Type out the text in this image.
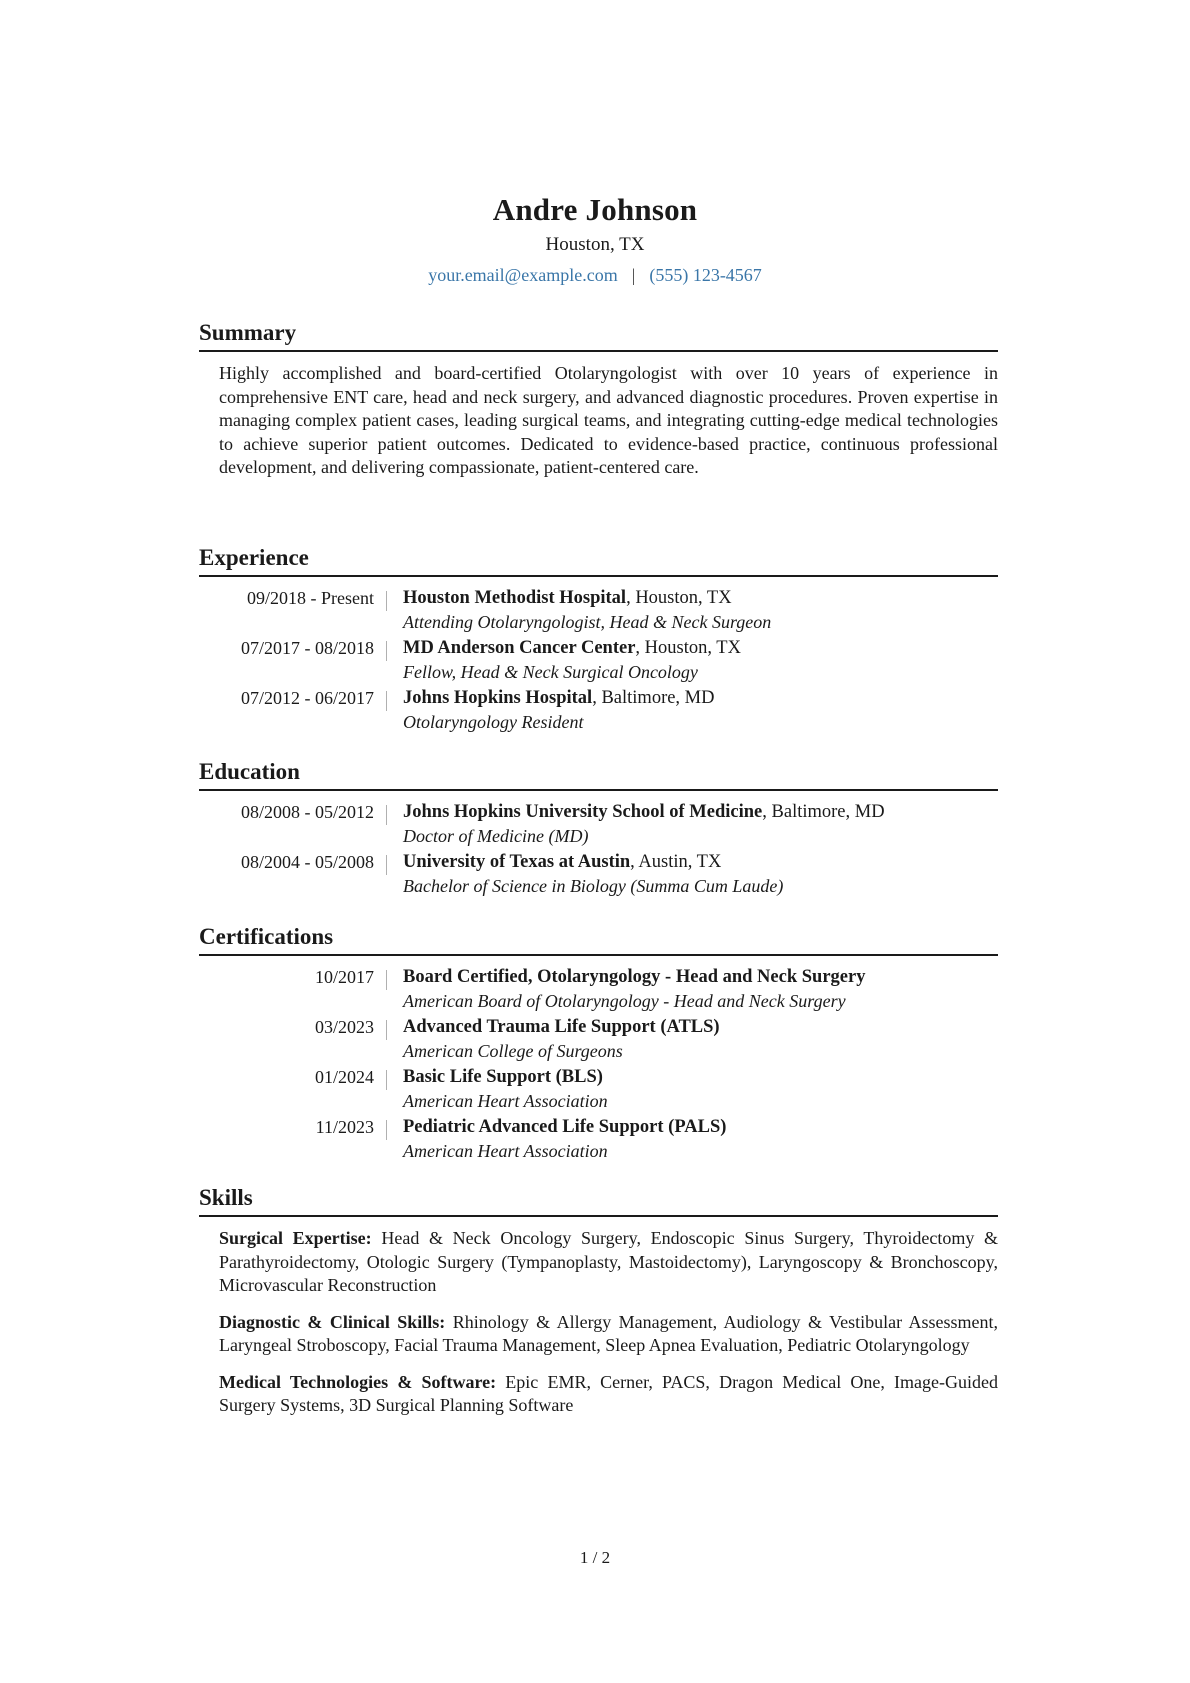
Andre Johnson
Houston, TX
your.email@example.com | (555) 123-4567
Summary
Highly accomplished and board-certified Otolaryngologist with over 10 years of experience in comprehensive ENT care, head and neck surgery, and advanced diagnostic procedures. Proven expertise in managing complex patient cases, leading surgical teams, and integrating cutting-edge medical technologies to achieve superior patient outcomes. Dedicated to evidence-based practice, continuous professional development, and delivering compassionate, patient-centered care.
Experience
09/2018 - Present	Houston Methodist Hospital, Houston, TX
Attending Otolaryngologist, Head & Neck Surgeon
07/2017 - 08/2018	MD Anderson Cancer Center, Houston, TX
Fellow, Head & Neck Surgical Oncology
07/2012 - 06/2017	Johns Hopkins Hospital, Baltimore, MD
Otolaryngology Resident
Education
08/2008 - 05/2012	Johns Hopkins University School of Medicine, Baltimore, MD
Doctor of Medicine (MD)
08/2004 - 05/2008	University of Texas at Austin, Austin, TX
Bachelor of Science in Biology (Summa Cum Laude)
Certifications
10/2017	Board Certified, Otolaryngology - Head and Neck Surgery
American Board of Otolaryngology - Head and Neck Surgery
03/2023	Advanced Trauma Life Support (ATLS)
American College of Surgeons
01/2024	Basic Life Support (BLS)
American Heart Association
11/2023	Pediatric Advanced Life Support (PALS)
American Heart Association
Skills
Surgical Expertise: Head & Neck Oncology Surgery, Endoscopic Sinus Surgery, Thyroidectomy & Parathyroidectomy, Otologic Surgery (Tympanoplasty, Mastoidectomy), Laryngoscopy & Bronchoscopy, Microvascular Reconstruction
Diagnostic & Clinical Skills: Rhinology & Allergy Management, Audiology & Vestibular Assessment, Laryngeal Stroboscopy, Facial Trauma Management, Sleep Apnea Evaluation, Pediatric Otolaryngology
Medical Technologies & Software: Epic EMR, Cerner, PACS, Dragon Medical One, Image-Guided Surgery Systems, 3D Surgical Planning Software
1 / 2
